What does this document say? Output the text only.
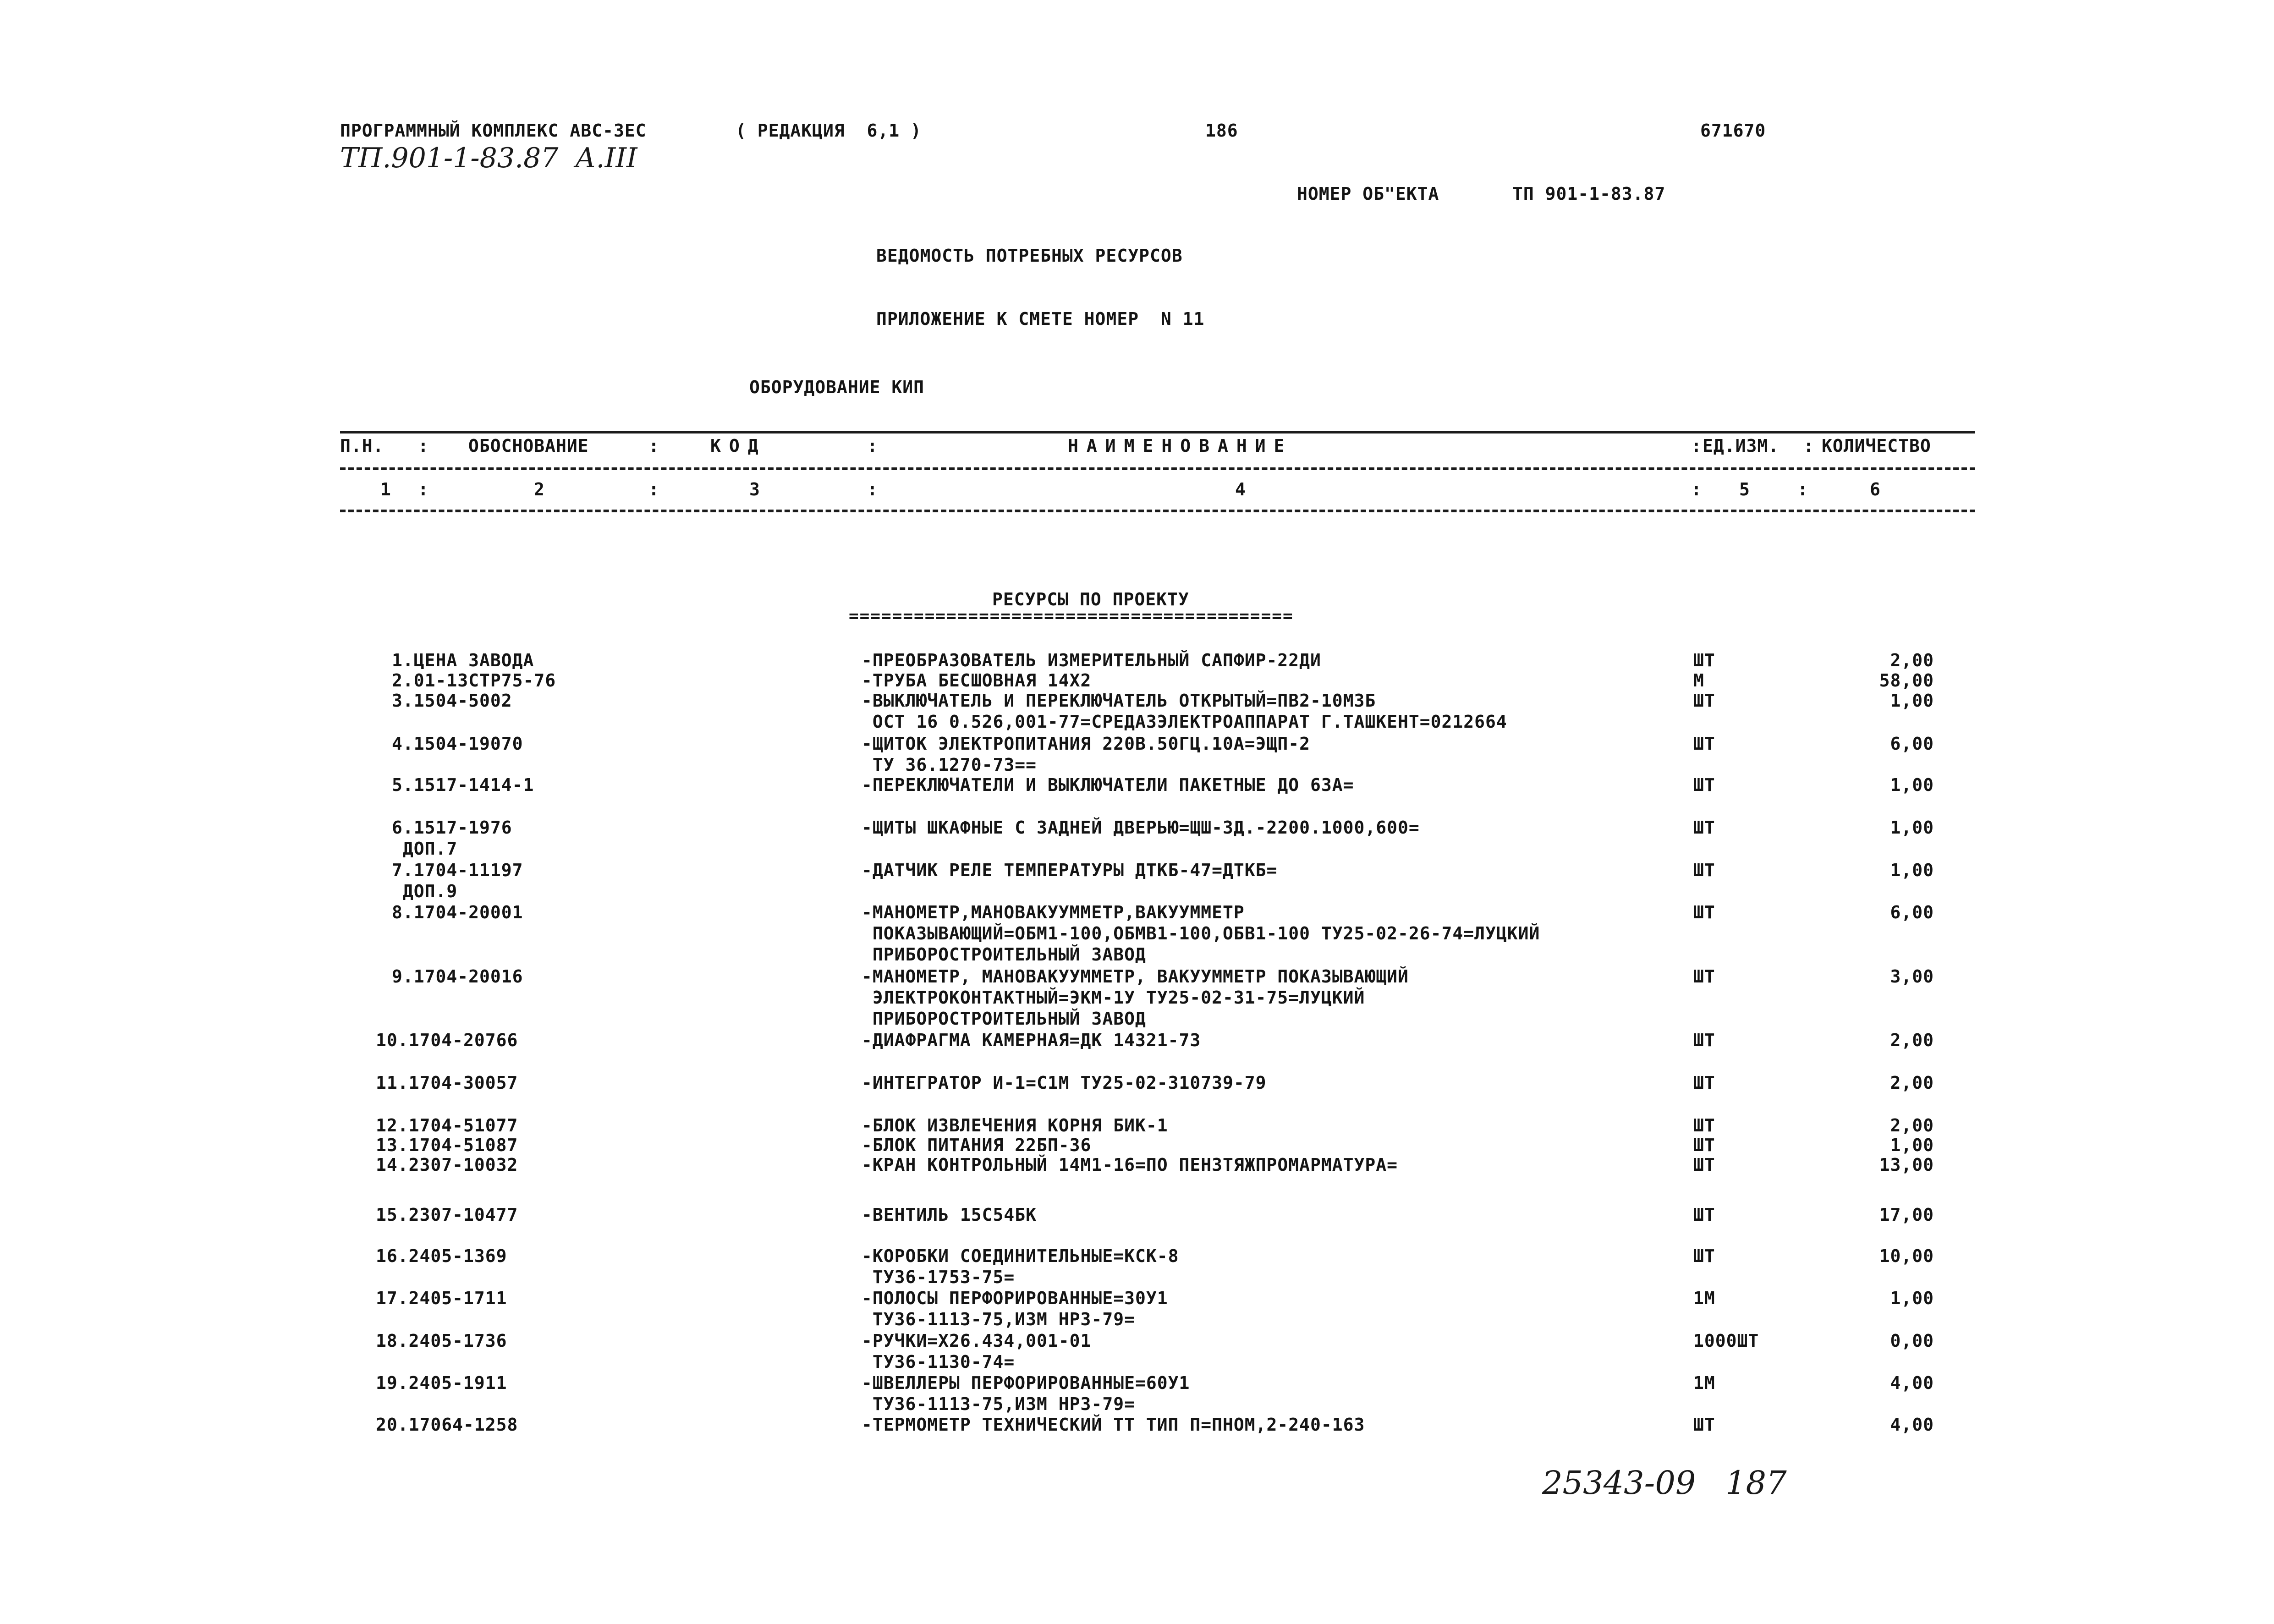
ПРОГРАММНЫЙ КОМПЛЕКС АВС-3ЕС	( РЕДАКЦИЯ  6,1 )	186	671670
ТП.901-1-83.87 А.III
НОМЕР ОБ"ЕКТА	ТП 901-1-83.87
ВЕДОМОСТЬ ПОТРЕБНЫХ РЕСУРСОВ
ПРИЛОЖЕНИЕ К СМЕТЕ НОМЕР  N 11
ОБОРУДОВАНИЕ КИП
П.Н. : ОБОСНОВАНИЕ	:	КОД	:	НАИМЕНОВАНИЕ	: ЕД.ИЗМ. : КОЛИЧЕСТВО
1 :	2	:	3	:	4	: 5	:	6
РЕСУРСЫ ПО ПРОЕКТУ
=========================================
1.ЦЕНА ЗАВОДА	-ПРЕОБРАЗОВАТЕЛЬ ИЗМЕРИТЕЛЬНЫЙ САПФИР-22ДИ	ШТ	2,00
2.01-13СТР75-76	-ТРУБА БЕСШОВНАЯ 14Х2	М	58,00
3.1504-5002	-ВЫКЛЮЧАТЕЛЬ И ПЕРЕКЛЮЧАТЕЛЬ ОТКРЫТЫЙ=ПВ2-10М3Б
ОСТ 16 0.526,001-77=СРЕДАЗЭЛЕКТРОАППАРАТ Г.ТАШКЕНТ=0212664
ШТ	1,00
4.1504-19070	-ЩИТОК ЭЛЕКТРОПИТАНИЯ 220В.50ГЦ.10А=ЭЩП-2
ТУ 36.1270-73==
ШТ	6,00
5.1517-1414-1	-ПЕРЕКЛЮЧАТЕЛИ И ВЫКЛЮЧАТЕЛИ ПАКЕТНЫЕ ДО 63А=	ШТ	1,00
6.1517-1976
ДОП.7
-ЩИТЫ ШКАФНЫЕ С ЗАДНЕЙ ДВЕРЬЮ=ЩШ-ЗД.-2200.1000,600=	ШТ	1,00
7.1704-11197
ДОП.9
-ДАТЧИК РЕЛЕ ТЕМПЕРАТУРЫ ДТКБ-47=ДТКБ=	ШТ	1,00
8.1704-20001	-МАНОМЕТР,МАНОВАКУУММЕТР,ВАКУУММЕТР
ПОКАЗЫВАЮЩИЙ=ОБМ1-100,ОБМВ1-100,ОБВ1-100 ТУ25-02-26-74=ЛУЦКИЙ
ПРИБОРОСТРОИТЕЛЬНЫЙ ЗАВОД
ШТ	6,00
9.1704-20016	-МАНОМЕТР, МАНОВАКУУММЕТР, ВАКУУММЕТР ПОКАЗЫВАЮЩИЙ
ЭЛЕКТРОКОНТАКТНЫЙ=ЭКМ-1У ТУ25-02-31-75=ЛУЦКИЙ
ПРИБОРОСТРОИТЕЛЬНЫЙ ЗАВОД
ШТ	3,00
10.1704-20766	-ДИАФРАГМА КАМЕРНАЯ=ДК 14321-73	ШТ	2,00
11.1704-30057	-ИНТЕГРАТОР И-1=С1М ТУ25-02-310739-79	ШТ	2,00
12.1704-51077	-БЛОК ИЗВЛЕЧЕНИЯ КОРНЯ БИК-1	ШТ	2,00
13.1704-51087	-БЛОК ПИТАНИЯ 22БП-36	ШТ	1,00
14.2307-10032	-КРАН КОНТРОЛЬНЫЙ 14М1-16=ПО ПЕНЗТЯЖПРОМАРМАТУРА=	ШТ	13,00
15.2307-10477	-ВЕНТИЛЬ 15С54БК	ШТ	17,00
16.2405-1369	-КОРОБКИ СОЕДИНИТЕЛЬНЫЕ=КСК-8
ТУ36-1753-75=
ШТ	10,00
17.2405-1711	-ПОЛОСЫ ПЕРФОРИРОВАННЫЕ=30У1
ТУ36-1113-75,ИЗМ НРЗ-79=
1М	1,00
18.2405-1736	-РУЧКИ=Х26.434,001-01
ТУ36-1130-74=
1000ШТ	0,00
19.2405-1911	-ШВЕЛЛЕРЫ ПЕРФОРИРОВАННЫЕ=60У1
ТУ36-1113-75,ИЗМ НРЗ-79=
1М	4,00
20.17064-1258	-ТЕРМОМЕТР ТЕХНИЧЕСКИЙ ТТ ТИП П=ПНОМ,2-240-163	ШТ	4,00
25343-09 187
